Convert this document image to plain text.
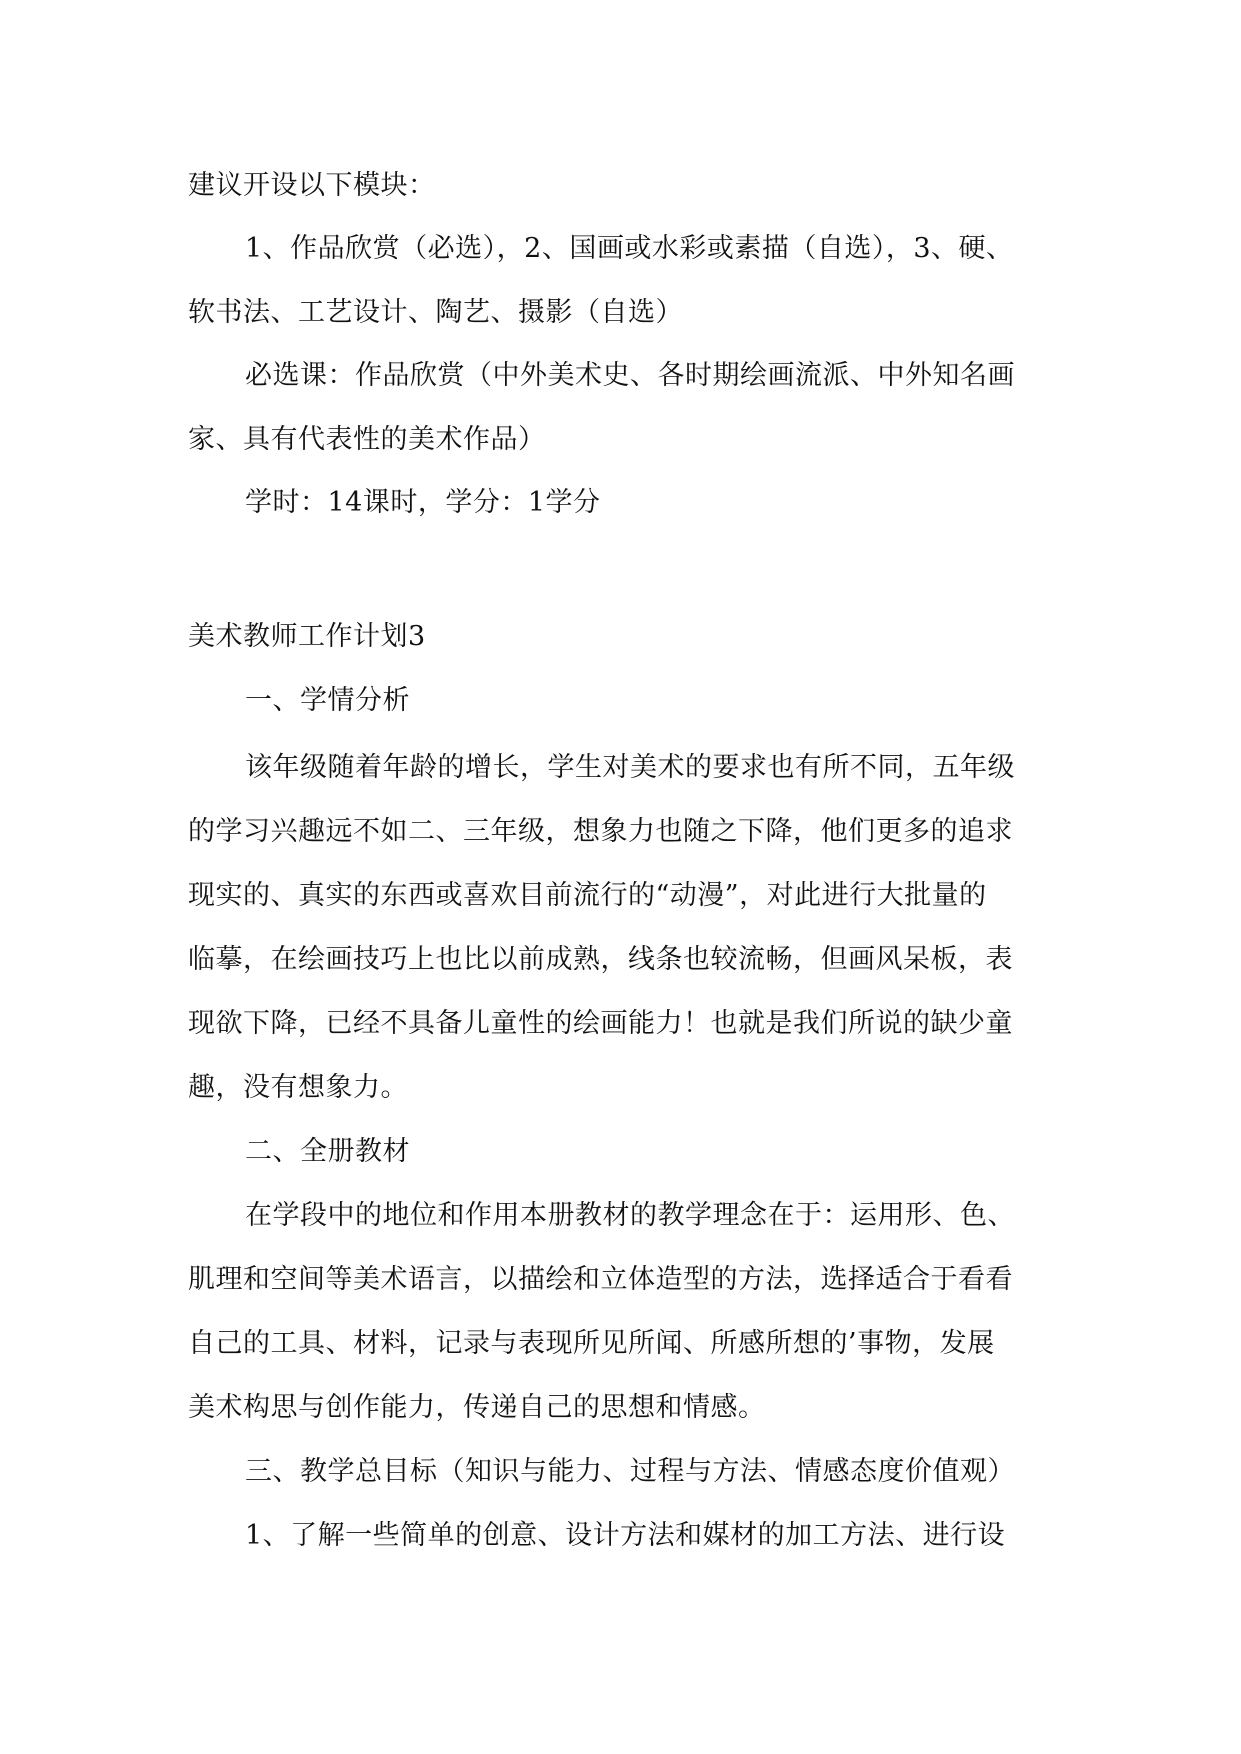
建议开设以下模块：
1、作品欣赏（必选），2、国画或水彩或素描（自选），3、硬、
软书法、工艺设计、陶艺、摄影（自选）
必选课：作品欣赏（中外美术史、各时期绘画流派、中外知名画
家、具有代表性的美术作品）
学时：14课时，学分：1学分
美术教师工作计划3
一、学情分析
该年级随着年龄的增长，学生对美术的要求也有所不同，五年级
的学习兴趣远不如二、三年级，想象力也随之下降，他们更多的追求
现实的、真实的东西或喜欢目前流行的“动漫”，对此进行大批量的
临摹，在绘画技巧上也比以前成熟，线条也较流畅，但画风呆板，表
现欲下降，已经不具备儿童性的绘画能力！也就是我们所说的缺少童
趣，没有想象力。
二、全册教材
在学段中的地位和作用本册教材的教学理念在于：运用形、色、
肌理和空间等美术语言，以描绘和立体造型的方法，选择适合于看看
自己的工具、材料，记录与表现所见所闻、所感所想的’事物，发展
美术构思与创作能力，传递自己的思想和情感。
三、教学总目标（知识与能力、过程与方法、情感态度价值观）
1、了解一些简单的创意、设计方法和媒材的加工方法、进行设
